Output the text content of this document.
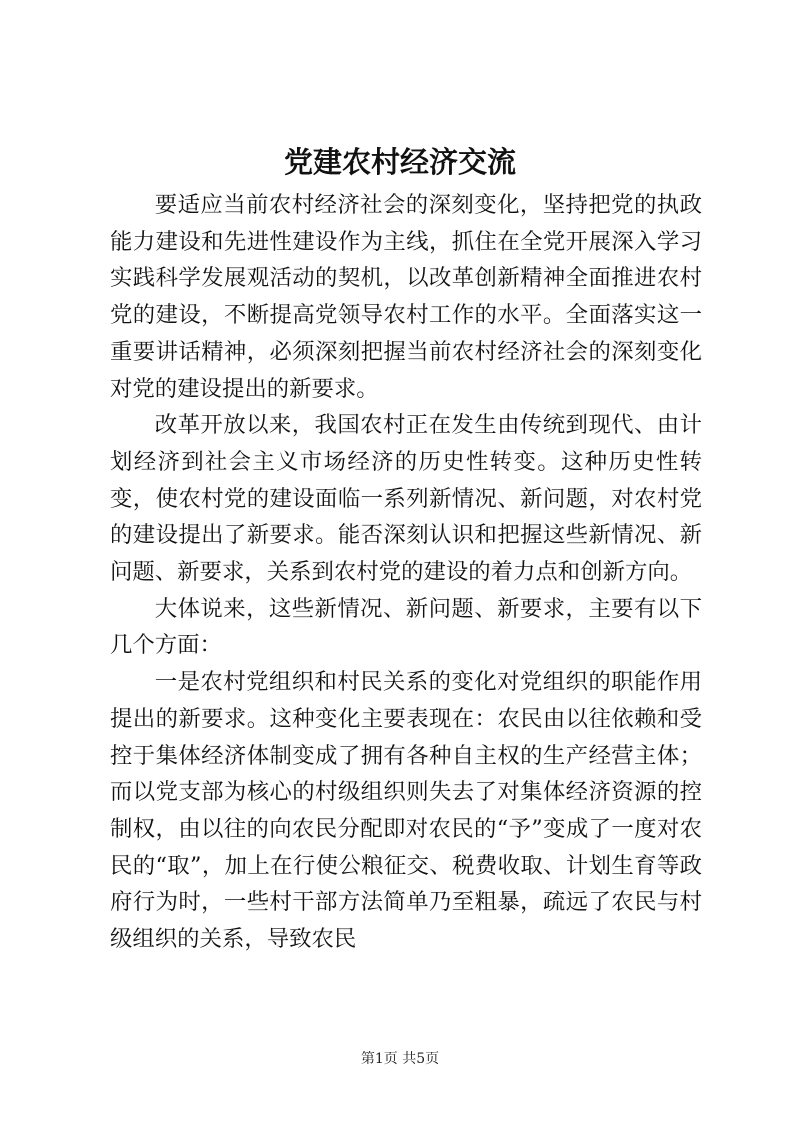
党建农村经济交流

要适应当前农村经济社会的深刻变化，坚持把党的执政能力建设和先进性建设作为主线，抓住在全党开展深入学习实践科学发展观活动的契机，以改革创新精神全面推进农村党的建设，不断提高党领导农村工作的水平。全面落实这一重要讲话精神，必须深刻把握当前农村经济社会的深刻变化对党的建设提出的新要求。

改革开放以来，我国农村正在发生由传统到现代、由计划经济到社会主义市场经济的历史性转变。这种历史性转变，使农村党的建设面临一系列新情况、新问题，对农村党的建设提出了新要求。能否深刻认识和把握这些新情况、新问题、新要求，关系到农村党的建设的着力点和创新方向。

大体说来，这些新情况、新问题、新要求，主要有以下几个方面：

一是农村党组织和村民关系的变化对党组织的职能作用提出的新要求。这种变化主要表现在：农民由以往依赖和受控于集体经济体制变成了拥有各种自主权的生产经营主体；而以党支部为核心的村级组织则失去了对集体经济资源的控制权，由以往的向农民分配即对农民的“予”变成了一度对农民的“取”，加上在行使公粮征交、税费收取、计划生育等政府行为时，一些村干部方法简单乃至粗暴，疏远了农民与村级组织的关系，导致农民

第1页 共5页
